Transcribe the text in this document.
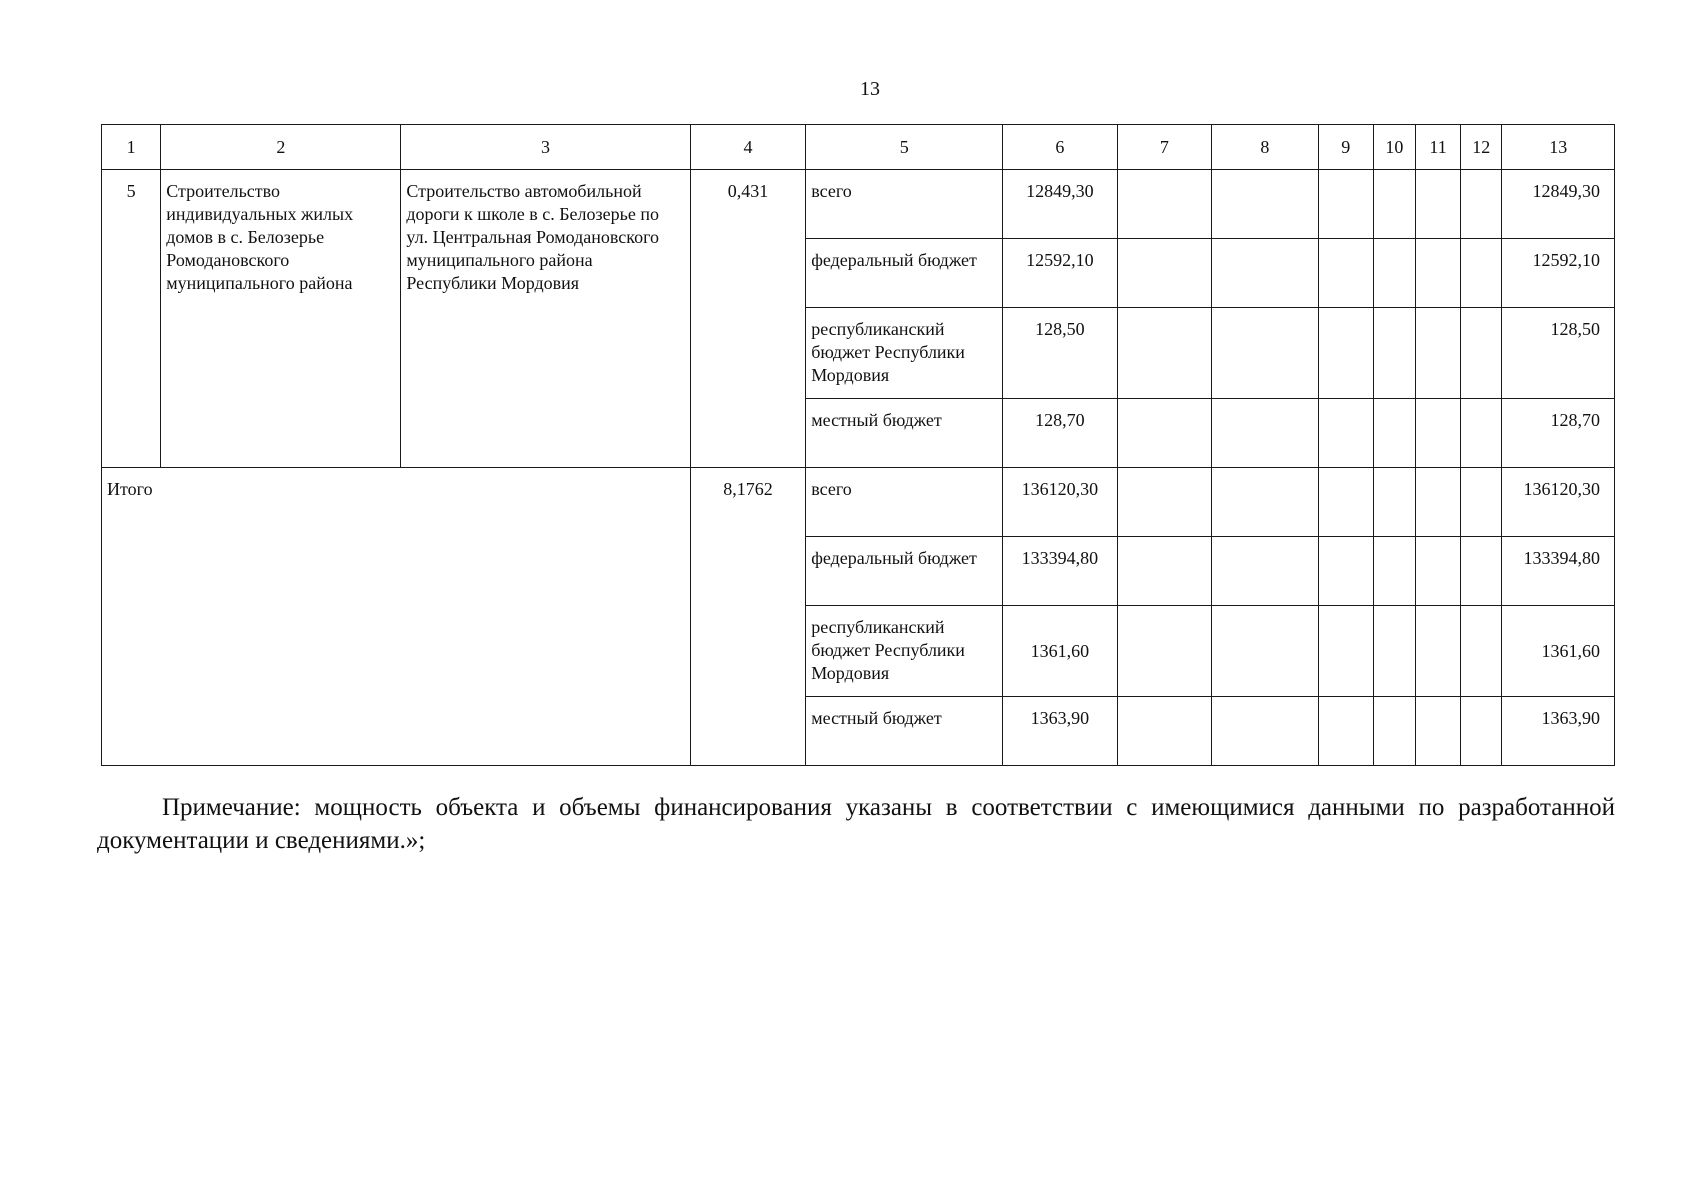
13
1	2	3	4	5	6	7	8	9	10	11	12	13
5	Строительство индивидуальных жилых домов в с. Белозерье Ромодановского муниципального района	Строительство автомобильной дороги к школе в с. Белозерье по ул. Центральная Ромодановского муниципального района Республики Мордовия	0,431	всего	12849,30							12849,30
				федеральный бюджет	12592,10							12592,10
				республиканский бюджет Республики Мордовия	128,50							128,50
				местный бюджет	128,70							128,70
Итого			8,1762	всего	136120,30							136120,30
				федеральный бюджет	133394,80							133394,80
				республиканский бюджет Республики Мордовия	1361,60							1361,60
				местный бюджет	1363,90							1363,90
Примечание: мощность объекта и объемы финансирования указаны в соответствии с имеющимися данными по разработанной документации и сведениями.»;
